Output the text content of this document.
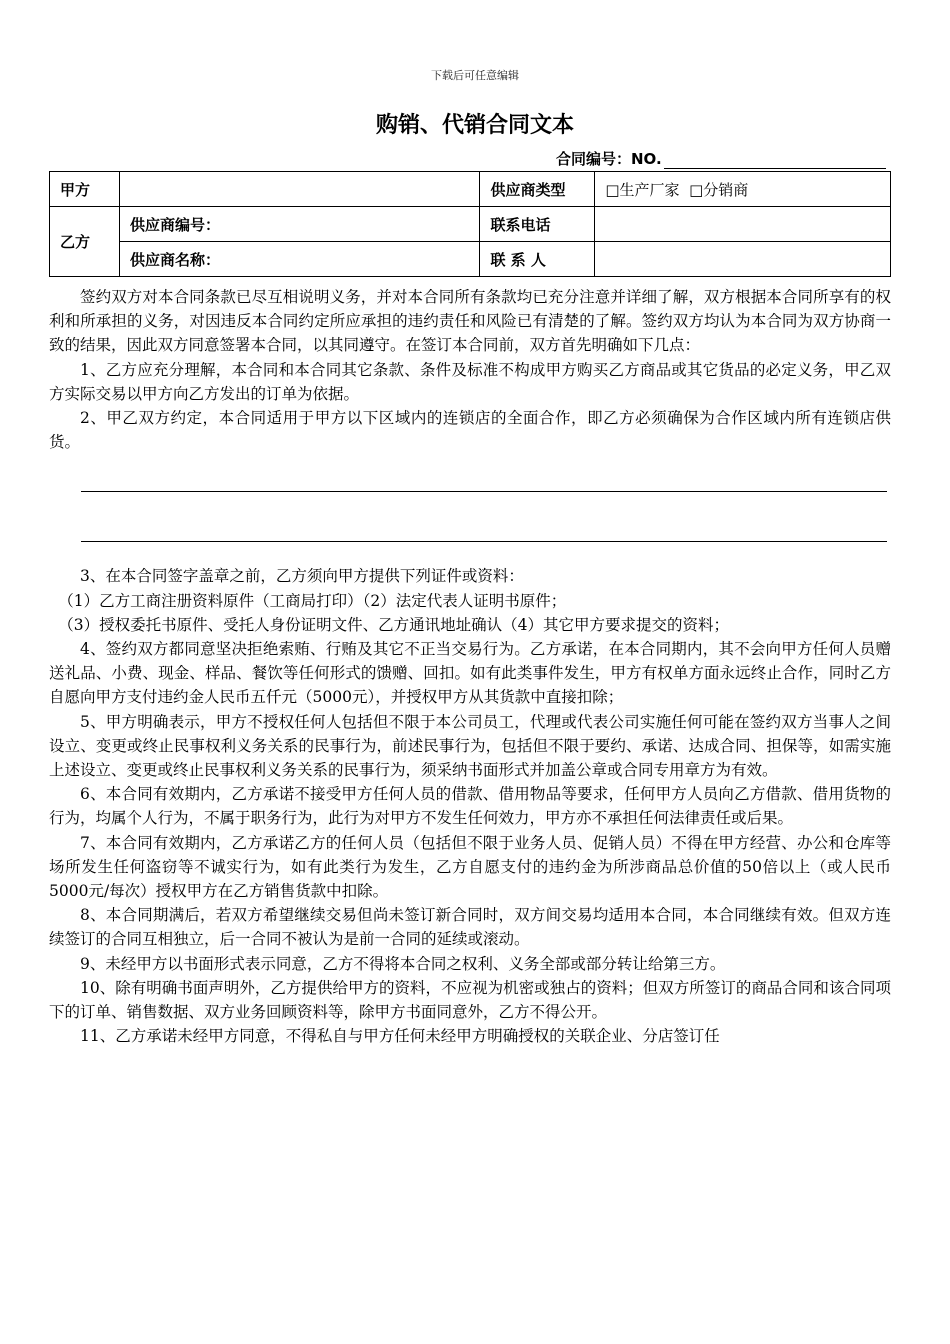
下载后可任意编辑
购销、代销合同文本
合同编号：NO.
甲方		供应商类型	□生产厂家 □分销商
乙方	供应商编号：	联系电话	
	供应商名称：	联 系 人	

签约双方对本合同条款已尽互相说明义务，并对本合同所有条款均已充分注意并详细了解，双方根据本合同所享有的权利和所承担的义务，对因违反本合同约定所应承担的违约责任和风险已有清楚的了解。签约双方均认为本合同为双方协商一致的结果，因此双方同意签署本合同，以其同遵守。在签订本合同前，双方首先明确如下几点：

1、乙方应充分理解，本合同和本合同其它条款、条件及标准不构成甲方购买乙方商品或其它货品的必定义务，甲乙双方实际交易以甲方向乙方发出的订单为依据。

2、甲乙双方约定，本合同适用于甲方以下区域内的连锁店的全面合作，即乙方必须确保为合作区域内所有连锁店供货。

3、在本合同签字盖章之前，乙方须向甲方提供下列证件或资料：

（1）乙方工商注册资料原件（工商局打印）（2）法定代表人证明书原件；

（3）授权委托书原件、受托人身份证明文件、乙方通讯地址确认（4）其它甲方要求提交的资料；

4、签约双方都同意坚决拒绝索贿、行贿及其它不正当交易行为。乙方承诺，在本合同期内，其不会向甲方任何人员赠送礼品、小费、现金、样品、餐饮等任何形式的馈赠、回扣。如有此类事件发生，甲方有权单方面永远终止合作，同时乙方自愿向甲方支付违约金人民币五仟元（5000元），并授权甲方从其货款中直接扣除；

5、甲方明确表示，甲方不授权任何人包括但不限于本公司员工，代理或代表公司实施任何可能在签约双方当事人之间设立、变更或终止民事权利义务关系的民事行为，前述民事行为，包括但不限于要约、承诺、达成合同、担保等，如需实施上述设立、变更或终止民事权利义务关系的民事行为，须采纳书面形式并加盖公章或合同专用章方为有效。

6、本合同有效期内，乙方承诺不接受甲方任何人员的借款、借用物品等要求，任何甲方人员向乙方借款、借用货物的行为，均属个人行为，不属于职务行为，此行为对甲方不发生任何效力，甲方亦不承担任何法律责任或后果。

7、本合同有效期内，乙方承诺乙方的任何人员（包括但不限于业务人员、促销人员）不得在甲方经营、办公和仓库等场所发生任何盗窃等不诚实行为，如有此类行为发生，乙方自愿支付的违约金为所涉商品总价值的50倍以上（或人民币5000元/每次）授权甲方在乙方销售货款中扣除。

8、本合同期满后，若双方希望继续交易但尚未签订新合同时，双方间交易均适用本合同，本合同继续有效。但双方连续签订的合同互相独立，后一合同不被认为是前一合同的延续或滚动。

9、未经甲方以书面形式表示同意，乙方不得将本合同之权利、义务全部或部分转让给第三方。

10、除有明确书面声明外，乙方提供给甲方的资料，不应视为机密或独占的资料；但双方所签订的商品合同和该合同项下的订单、销售数据、双方业务回顾资料等，除甲方书面同意外，乙方不得公开。

11、乙方承诺未经甲方同意，不得私自与甲方任何未经甲方明确授权的关联企业、分店签订任
